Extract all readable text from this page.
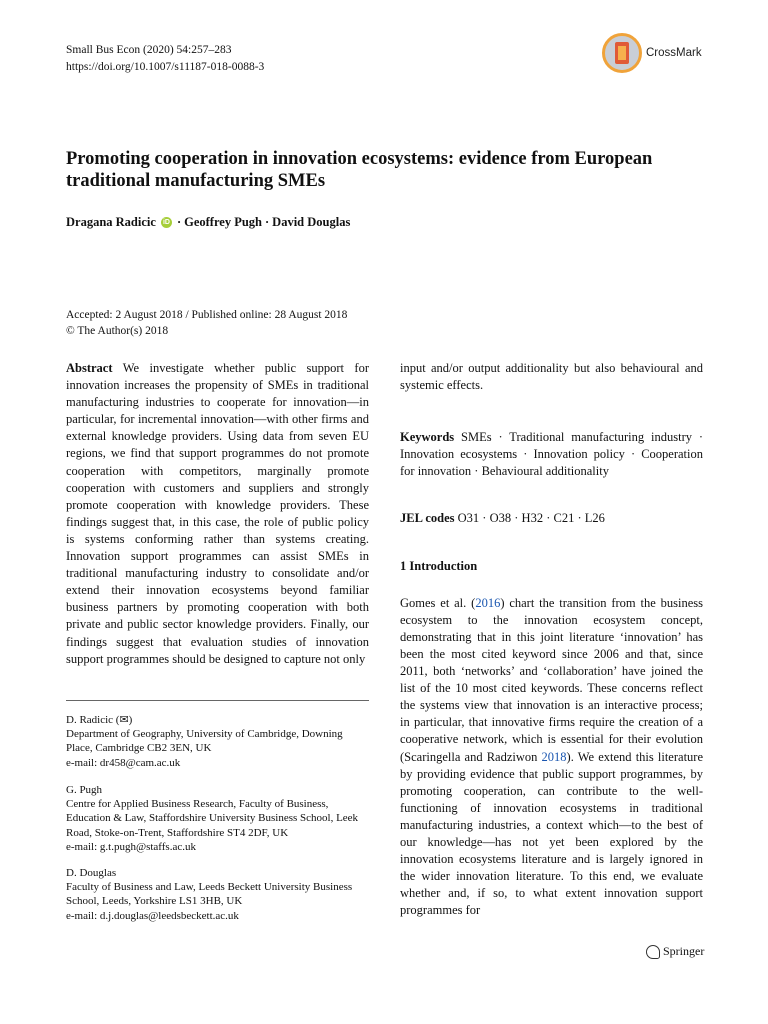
Small Bus Econ (2020) 54:257–283
https://doi.org/10.1007/s11187-018-0088-3
CrossMark
Promoting cooperation in innovation ecosystems: evidence from European traditional manufacturing SMEs
Dragana Radicic iD · Geoffrey Pugh · David Douglas
Accepted: 2 August 2018 / Published online: 28 August 2018
© The Author(s) 2018
Abstract We investigate whether public support for innovation increases the propensity of SMEs in traditional manufacturing industries to cooperate for innovation—in particular, for incremental innovation—with other firms and external knowledge providers. Using data from seven EU regions, we find that support programmes do not promote cooperation with competitors, marginally promote cooperation with customers and suppliers and strongly promote cooperation with knowledge providers. These findings suggest that, in this case, the role of public policy is systems conforming rather than systems creating. Innovation support programmes can assist SMEs in traditional manufacturing industry to consolidate and/or extend their innovation ecosystems beyond familiar business partners by promoting cooperation with both private and public sector knowledge providers. Finally, our findings suggest that evaluation studies of innovation support programmes should be designed to capture not only
input and/or output additionality but also behavioural and systemic effects.
Keywords SMEs · Traditional manufacturing industry · Innovation ecosystems · Innovation policy · Cooperation for innovation · Behavioural additionality
JEL codes O31 · O38 · H32 · C21 · L26
1 Introduction
Gomes et al. (2016) chart the transition from the business ecosystem to the innovation ecosystem concept, demonstrating that in this joint literature ‘innovation’ has been the most cited keyword since 2006 and that, since 2011, both ‘networks’ and ‘collaboration’ have joined the list of the 10 most cited keywords. These concerns reflect the systems view that innovation is an interactive process; in particular, that innovative firms require the creation of a cooperative network, which is essential for their evolution (Scaringella and Radziwon 2018). We extend this literature by providing evidence that public support programmes, by promoting cooperation, can contribute to the well-functioning of innovation ecosystems in traditional manufacturing industries, a context which—to the best of our knowledge—has not yet been explored by the innovation ecosystems literature and is largely ignored in the wider innovation literature. To this end, we evaluate whether and, if so, to what extent innovation support programmes for
D. Radicic (✉)
Department of Geography, University of Cambridge, Downing
Place, Cambridge CB2 3EN, UK
e-mail: dr458@cam.ac.uk
G. Pugh
Centre for Applied Business Research, Faculty of Business,
Education & Law, Staffordshire University Business School, Leek
Road, Stoke-on-Trent, Staffordshire ST4 2DF, UK
e-mail: g.t.pugh@staffs.ac.uk
D. Douglas
Faculty of Business and Law, Leeds Beckett University Business
School, Leeds, Yorkshire LS1 3HB, UK
e-mail: d.j.douglas@leedsbeckett.ac.uk
Springer
